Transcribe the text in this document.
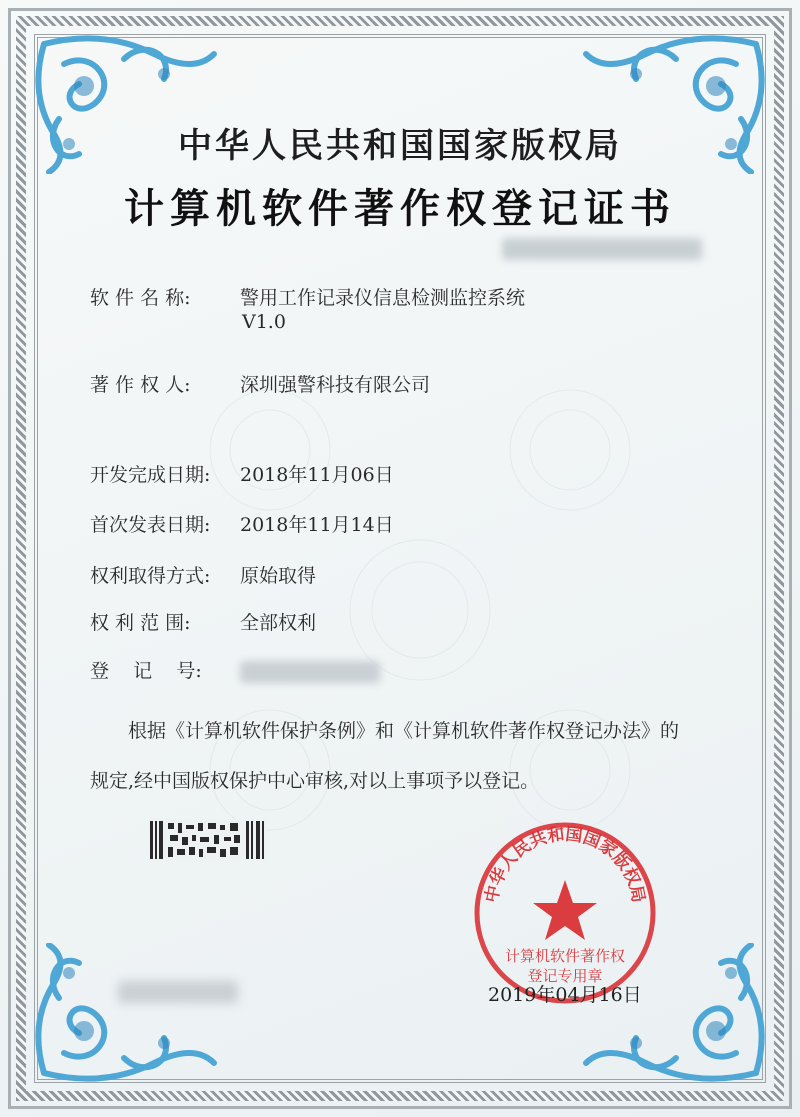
中华人民共和国国家版权局
计算机软件著作权登记证书
软 件 名 称:	警用工作记录仪信息检测监控系统
V1.0
著 作 权 人:	深圳强警科技有限公司
开发完成日期: 2018年11月06日
首次发表日期: 2018年11月14日
权利取得方式: 原始取得
权 利 范 围:	全部权利
登    记    号:
根据《计算机软件保护条例》和《计算机软件著作权登记办法》的
规定,经中国版权保护中心审核,对以上事项予以登记。
中华人民共和国国家版权局
计算机软件著作权
登记专用章
2019年04月16日
